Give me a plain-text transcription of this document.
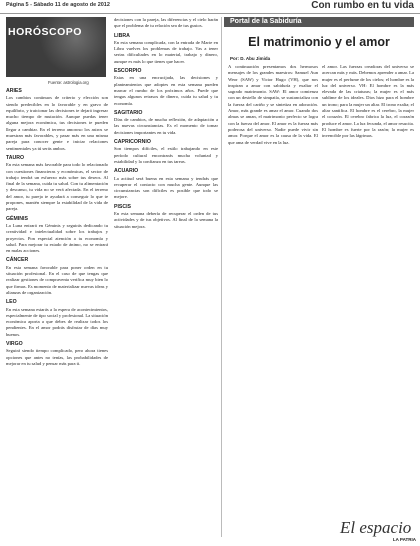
Página 5 - Sábado 11 de agosto de 2012	Con rumbo en tu vida
HORÓSCOPO
Fuente: astrologia.org
ARIES

Los cambios continuos de criterio y elección son siendo predecibles en lo favorable y en gravo de equilibrio, y traicionar las decisiones te dejará ingresar mucho tiempo de mutación. Aunque puedas tener alguna mejora económica, tus decisiones te pueden llegar a cambiar. En el terreno amoroso los astros se muestran más favorables, y pasar más en una misma pareja para conocer gente e iniciar relaciones sentimentales ya tú serás ambos.

TAURO

En esta semana más favorable para todo lo relacionado con cuestiones financieras y económicas, el sector de trabajo tendrá un esfuerzo más sobre tus deseos. Al final de la semana, cuida tu salud. Con tu alimentación y descanso, tu vida no se verá afectada. En el terreno del amor, tu pareja te ayudará a conseguir lo que te propones, mantén siempre la estabilidad de la vida de pareja.

GÉMINIS

La Luna entrará en Géminis y seguirás dedicando tu creatividad e intelectualidad sobre los trabajos y proyectos. Pon especial atención a tu economía y salud. Para mejorar tu estado de ánimo, no se entrará en malas acciones.

CÁNCER

En esta semana favorable para poner orden en tu situación profesional. En el caso de que tengas que realizar gestiones de compraventa verifica muy bien lo que firmas. Es momento de materializar nuevas ideas y alianzas de organización.

LEO

En esta semana estarás a la espera de acontecimientos, especialmente de tipo social y profesional. La situación económica aporta a que debes de realizar todos los pendientes. En el amor podrás disfrutar de días muy buenos.

VIRGO

Seguirá siendo tiempo complicado, pero ahora tienes opciones que antes no tenías, las probabilidades de mejorar en tu salud y pensar más para ti.

decisiones con la pareja, las diferencias y el cielo harán que el problema de tu relación sea de tus gustos.

LIBRA

En esta semana complicada, con la entrada de Marte en Libra vuelves los problemas de trabajo. Vas a tener serias dificultades en lo material, trabajo y dinero, aunque es más lo que tienes que hacer.

ESCORPIO

Estas en una encrucijada, las decisiones y planteamientos que adoptes en esta semana pueden marcar el rumbo de los próximos años. Puede que tengas algunos retrasos de dinero, cuida tu salud y tu economía.

SAGITARIO

Días de cambios, de mucha reflexión, de adaptación a las nuevas circunstancias. Es el momento de tomar decisiones importantes en tu vida.

CAPRICORNIO

Son tiempos difíciles, el estilo trabajando en este período cultural encontrarás mucha voluntad y estabilidad y la confianza en tus tareas.

ACUARIO

La actitud será buena en esta semana y tendrás que recuperar el contacto con mucha gente. Aunque las circunstancias son difíciles es posible que todo se mejore.

PISCIS

En esta semana debería de recuperar el orden de tus actividades y de tus objetivos. Al final de la semana la situación mejora.

Portal de la Sabiduría
El matrimonio y el amor
Por: D. Abu Jimida

A continuación presentamos dos hermosos mensajes de los grandes maestros: Samuel Aun Weor (SAW) y Victor Hugo (VH), que nos inspiran a amar con sabiduría y exaltar el sagrado matrimonio. SAW: El amor comienza con un destello de simpatía, se sustancializa con la fuerza del cariño y se sintetiza en adoración. Amor, más grande es amar el amor. Cuando dos almas se aman, el matrimonio perfecto se logra con la fuerza del amor. El amor es la fuerza más poderosa del universo. Nadie puede vivir sin amor. Porque el amor es la causa de la vida. El que ama de verdad vive en la luz.

el amor. Las fuerzas creadoras del universo se acercan más y más. Debemos aprender a amar. La mujer es el perfume de los cielos; el hombre es la luz del universo. VH: El hombre es la más elevada de las criaturas; la mujer es el más sublime de los ideales. Dios hizo para el hombre un trono; para la mujer un altar. El trono exalta; el altar santifica. El hombre es el cerebro, la mujer el corazón. El cerebro fabrica la luz, el corazón produce el amor. La luz fecunda, el amor resucita. El hombre es fuerte por la razón; la mujer es invencible por las lágrimas.

El espacio
LA PATRIA
